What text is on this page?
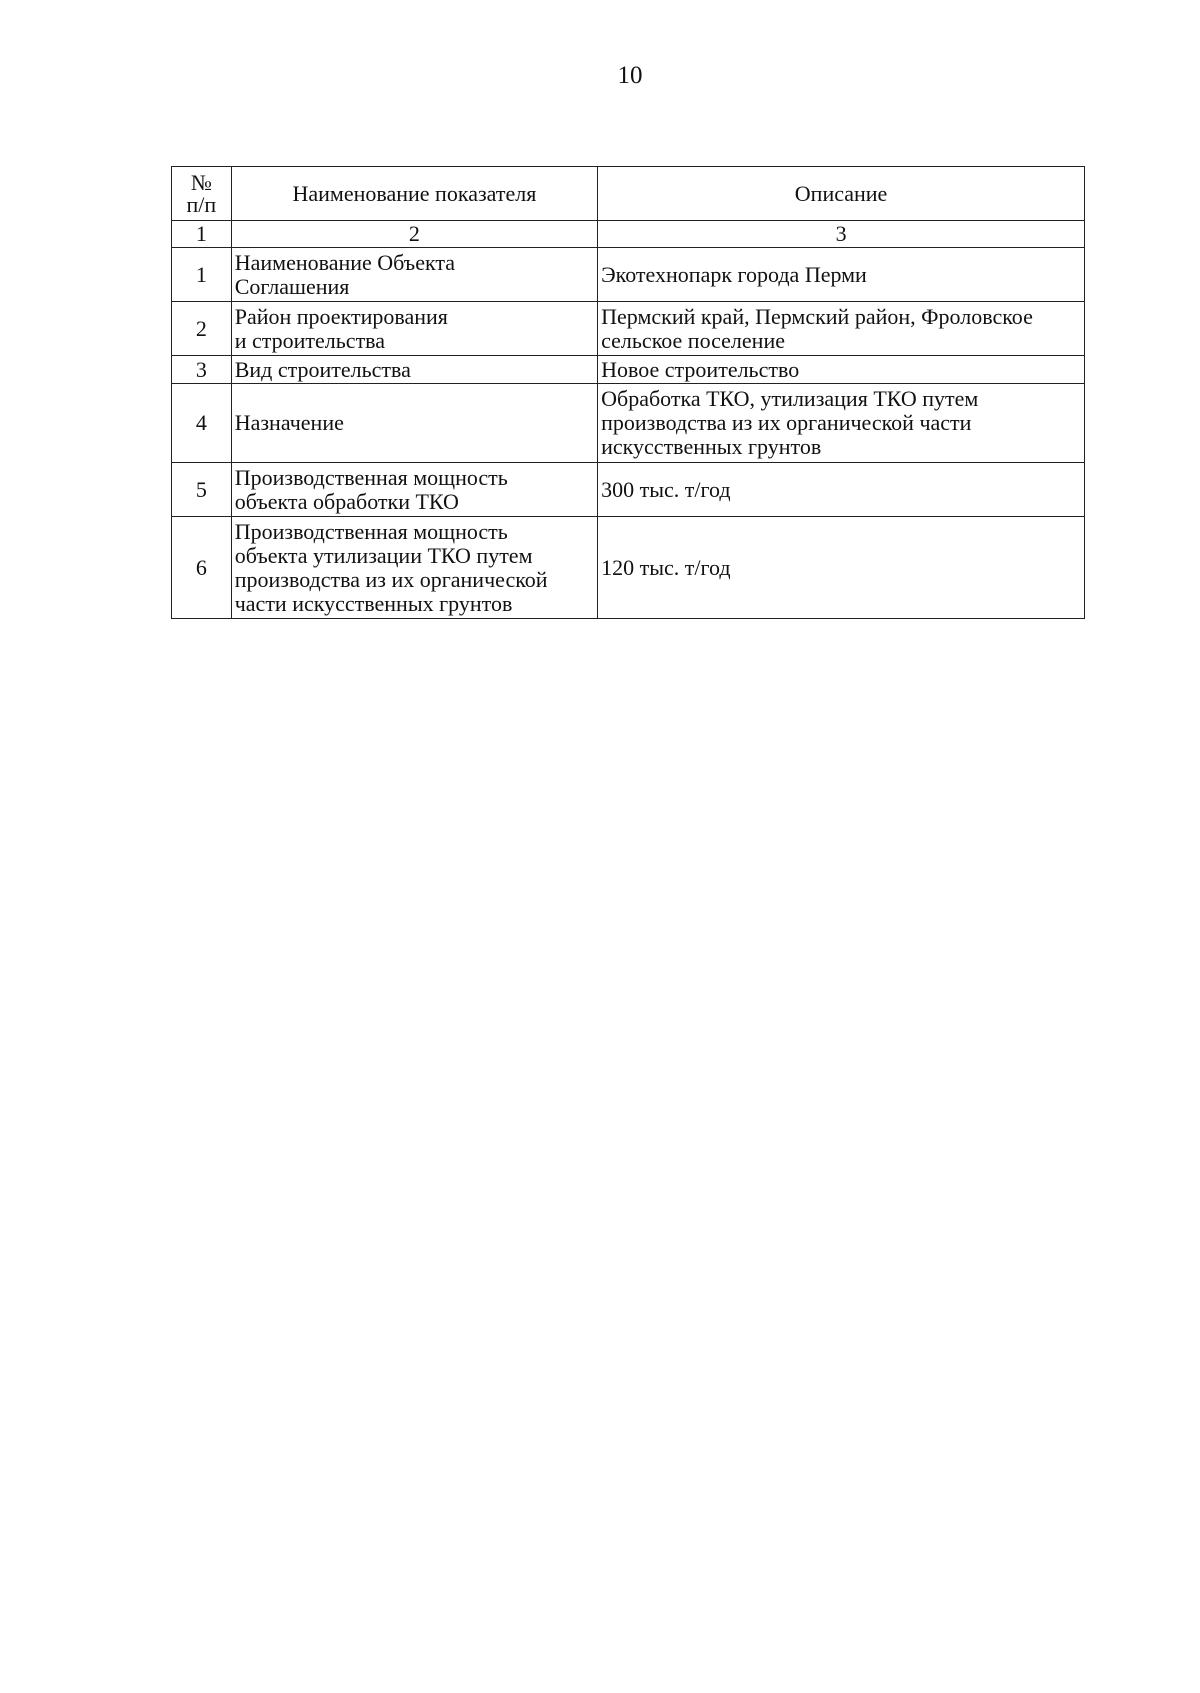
10
№
п/п	Наименование показателя	Описание
1	2	3
1	Наименование Объекта
Соглашения	Экотехнопарк города Перми
2	Район проектирования
и строительства	Пермский край, Пермский район, Фроловское
сельское поселение
3	Вид строительства	Новое строительство
4	Назначение	Обработка ТКО, утилизация ТКО путем
производства из их органической части
искусственных грунтов
5	Производственная мощность
объекта обработки ТКО	300 тыс. т/год
6	Производственная мощность
объекта утилизации ТКО путем
производства из их органической
части искусственных грунтов	120 тыс. т/год
